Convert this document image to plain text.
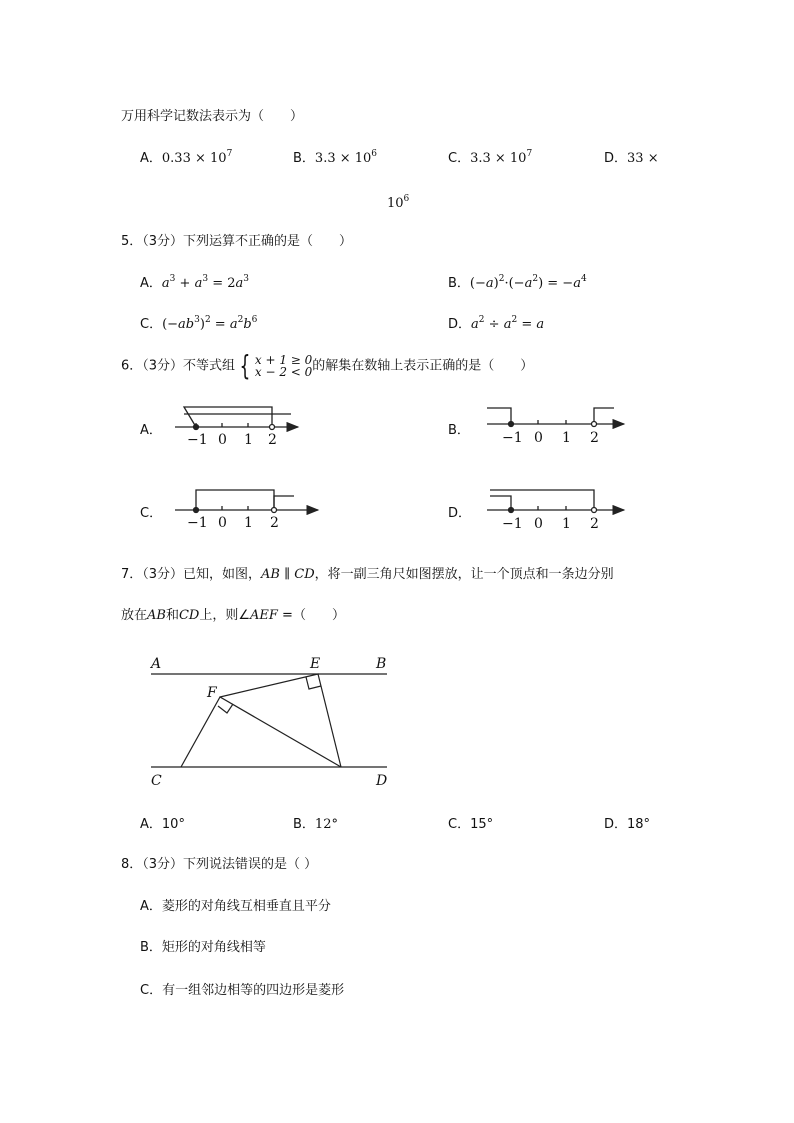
万用科学记数法表示为（　　）
A．$0.33 \times 10^7$	B．$3.3 \times 10^6$	C．$3.3 \times 10^7$	D．33 ×
$10^6$
5．（3分）下列运算不正确的是（　　）
A．$a^3 + a^3 = 2a^3$	B．$(-a)^2\cdot(-a^2) = -a^4$
C．$(-ab^3)^2 = a^2b^6$	D．$a^2 \div a^2 = a$
6．（3分）不等式组 { x + 1 ≥ 0
x − 2 < 0 的解集在数轴上表示正确的是（　　）
A．	B．
C．	D．
−1 0 1 2	−1 0 1 2
−1 0 1 2	−1 0 1 2
A	B
C	D
E
F
7．（3分）已知，如图，AB ∥ CD，将一副三角尺如图摆放，让一个顶点和一条边分别
放在AB和CD上，则∠AEF =（　　）
A．10°	B．12°	C．15°	D．18°
8．（3分）下列说法错误的是（ ）
A．菱形的对角线互相垂直且平分
B．矩形的对角线相等
C．有一组邻边相等的四边形是菱形
